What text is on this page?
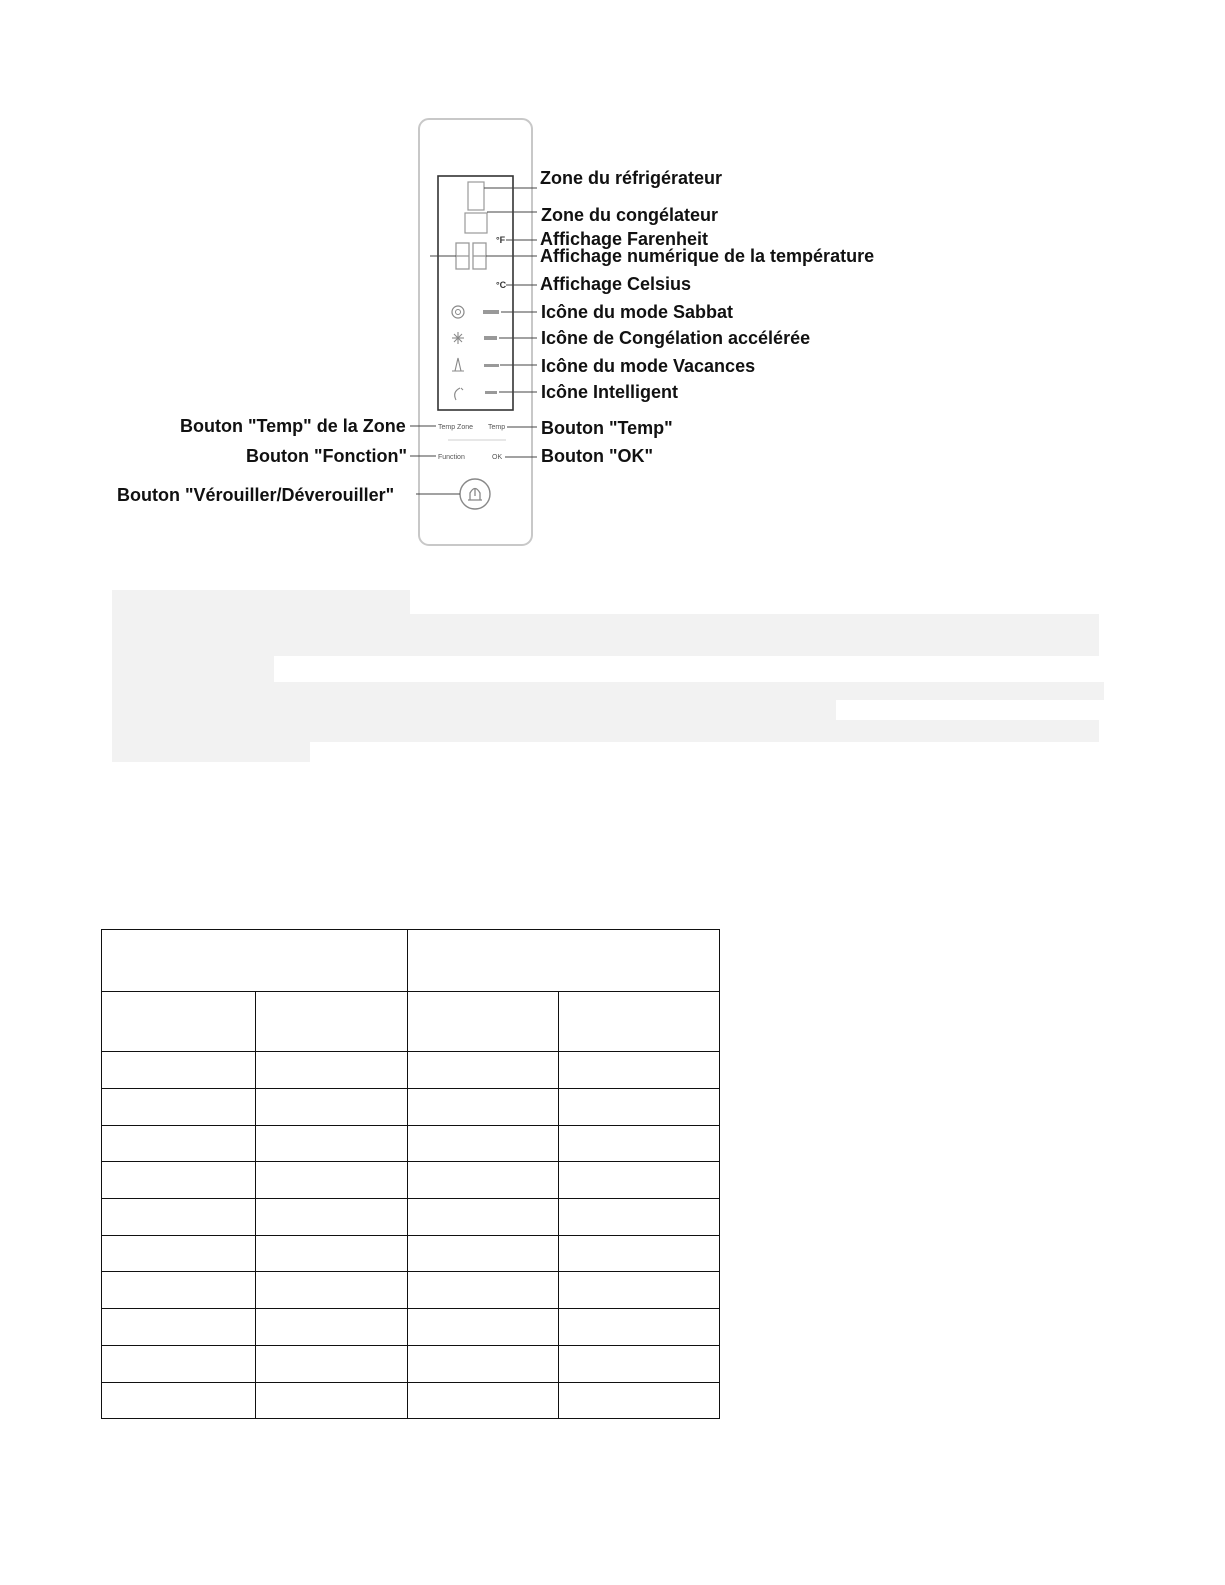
°F
°C
Temp Zone Temp
Function	OK
Zone du réfrigérateur
Zone du congélateur
Affichage Farenheit
Affichage numérique de la température
Affichage Celsius
Icône du mode Sabbat
Icône de Congélation accélérée
Icône du mode Vacances
Icône Intelligent
Bouton "Temp"
Bouton "OK"
Bouton "Temp" de la Zone
Bouton "Fonction"
Bouton "Vérouiller/Déverouiller"
